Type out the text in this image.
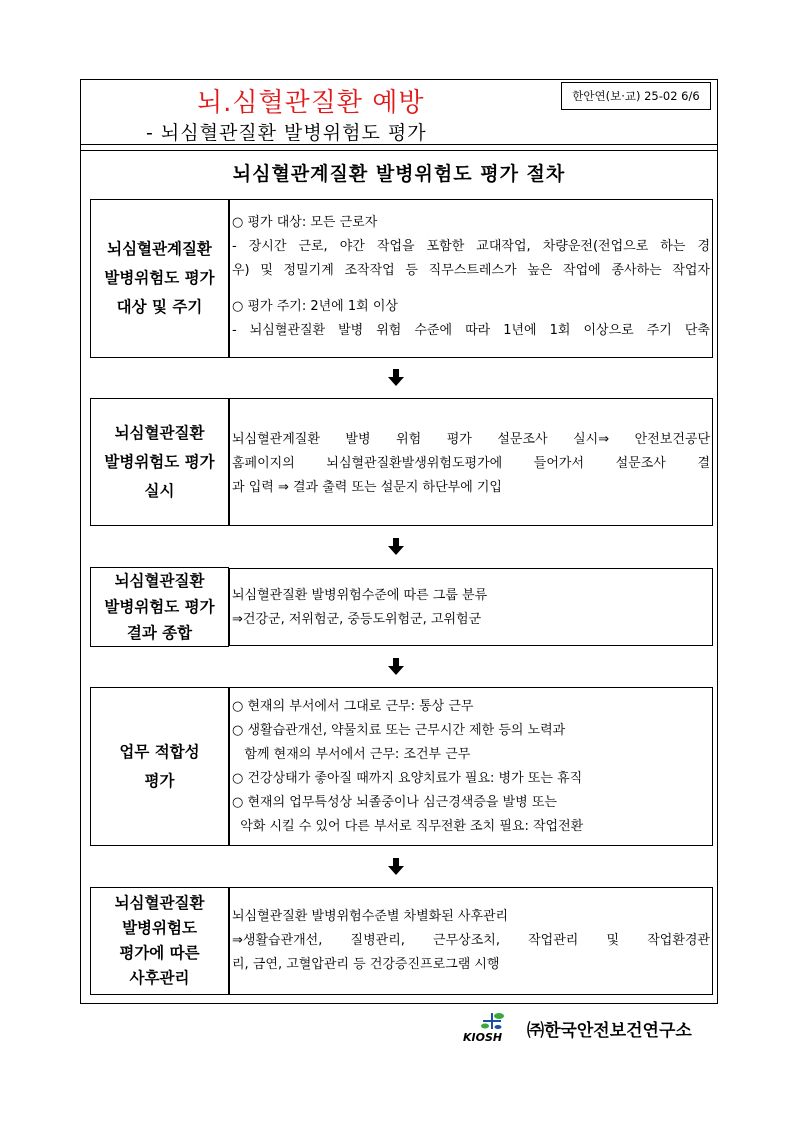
뇌.심혈관질환 예방
- 뇌심혈관질환 발병위험도 평가
한안연(보·교) 25-02 6/6
뇌심혈관계질환 발병위험도 평가 절차
뇌심혈관계질환
발병위험도 평가
대상 및 주기
○ 평가 대상: 모든 근로자
- 장시간 근로, 야간 작업을 포함한 교대작업, 차량운전(전업으로 하는 경
우) 및 정밀기계 조작작업 등 직무스트레스가 높은 작업에 종사하는 작업자
○ 평가 주기: 2년에 1회 이상
- 뇌심혈관질환 발병 위험 수준에 따라 1년에 1회 이상으로 주기 단축
뇌심혈관질환
발병위험도 평가
실시
뇌심혈관계질환 발병 위험 평가 설문조사 실시⇒ 안전보건공단
홈페이지의 뇌심혈관질환발생위험도평가에 들어가서 설문조사 결
과 입력 ⇒ 결과 출력 또는 설문지 하단부에 기입
뇌심혈관질환
발병위험도 평가
결과 종합
뇌심혈관질환 발병위험수준에 따른 그룹 분류
⇒건강군, 저위험군, 중등도위험군, 고위험군
업무 적합성
평가
○ 현재의 부서에서 그대로 근무: 통상 근무
○ 생활습관개선, 약물치료 또는 근무시간 제한 등의 노력과
함께 현재의 부서에서 근무: 조건부 근무
○ 건강상태가 좋아질 때까지 요양치료가 필요: 병가 또는 휴직
○ 현재의 업무특성상 뇌졸중이나 심근경색증을 발병 또는
악화 시킬 수 있어 다른 부서로 직무전환 조치 필요: 작업전환
뇌심혈관질환
발병위험도
평가에 따른
사후관리
뇌심혈관질환 발병위험수준별 차별화된 사후관리
⇒생활습관개선, 질병관리, 근무상조치, 작업관리 및 작업환경관
리, 금연, 고혈압관리 등 건강증진프로그램 시행
KIOSH ㈜한국안전보건연구소
